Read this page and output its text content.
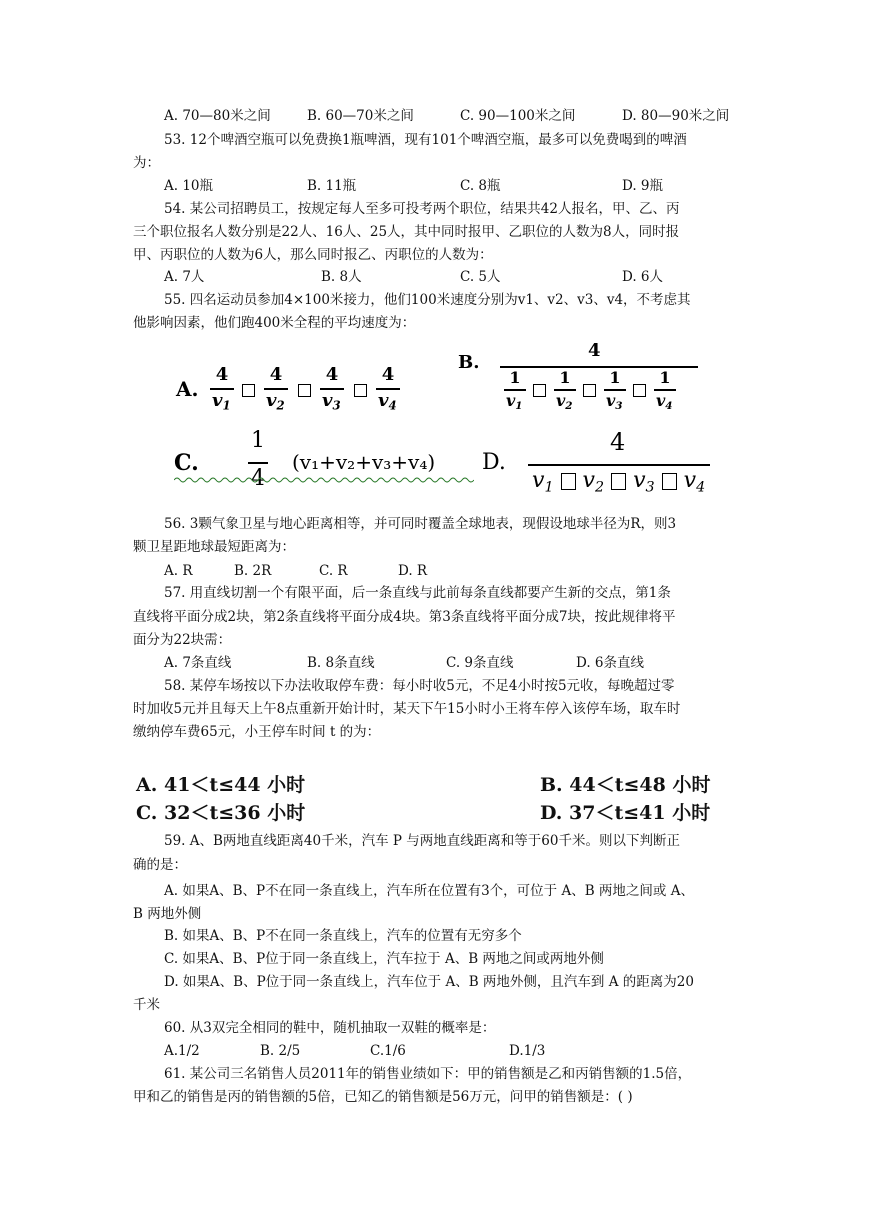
A. 70—80米之间	B. 60—70米之间	C. 90—100米之间	D. 80—90米之间
53. 12个啤酒空瓶可以免费换1瓶啤酒，现有101个啤酒空瓶，最多可以免费喝到的啤酒
为：
A. 10瓶	B. 11瓶	C. 8瓶	D. 9瓶
54. 某公司招聘员工，按规定每人至多可投考两个职位，结果共42人报名，甲、乙、丙
三个职位报名人数分别是22人、16人、25人，其中同时报甲、乙职位的人数为8人，同时报
甲、丙职位的人数为6人，那么同时报乙、丙职位的人数为：
A. 7人	B. 8人	C. 5人	D. 6人
55. 四名运动员参加4×100米接力，他们100米速度分别为v1、v2、v3、v4，不考虑其
他影响因素，他们跑400米全程的平均速度为：
A.
4
$v_1$
4
$v_2$
4
$v_3$
4
$v_4$
B.
4
1
$v_1$
1
$v_2$
1
$v_3$
1
$v_4$
C.
1
4
(v₁+v₂+v₃+v₄) D.
4
$v_1$ $v_2$ $v_3$ $v_4$
56. 3颗气象卫星与地心距离相等，并可同时覆盖全球地表，现假设地球半径为R，则3
颗卫星距地球最短距离为：
A. R	B. 2R	C. R	D. R
57. 用直线切割一个有限平面，后一条直线与此前每条直线都要产生新的交点，第1条
直线将平面分成2块，第2条直线将平面分成4块。第3条直线将平面分成7块，按此规律将平
面分为22块需：
A. 7条直线	B. 8条直线	C. 9条直线	D. 6条直线
58. 某停车场按以下办法收取停车费：每小时收5元，不足4小时按5元收，每晚超过零
时加收5元并且每天上午8点重新开始计时，某天下午15小时小王将车停入该停车场，取车时
缴纳停车费65元，小王停车时间 t 的为：
A. 41＜t≤44 小时	B. 44＜t≤48 小时
C. 32＜t≤36 小时	D. 37＜t≤41 小时
59. A、B两地直线距离40千米，汽车 P 与两地直线距离和等于60千米。则以下判断正
确的是：
A. 如果A、B、P不在同一条直线上，汽车所在位置有3个，可位于 A、B 两地之间或 A、
B 两地外侧
B. 如果A、B、P不在同一条直线上，汽车的位置有无穷多个
C. 如果A、B、P位于同一条直线上，汽车拉于 A、B 两地之间或两地外侧
D. 如果A、B、P位于同一条直线上，汽车位于 A、B 两地外侧，且汽车到 A 的距离为20
千米
60. 从3双完全相同的鞋中，随机抽取一双鞋的概率是：
A.1/2	B. 2/5	C.1/6	D.1/3
61. 某公司三名销售人员2011年的销售业绩如下：甲的销售额是乙和丙销售额的1.5倍，
甲和乙的销售是丙的销售额的5倍，已知乙的销售额是56万元，问甲的销售额是：( )
